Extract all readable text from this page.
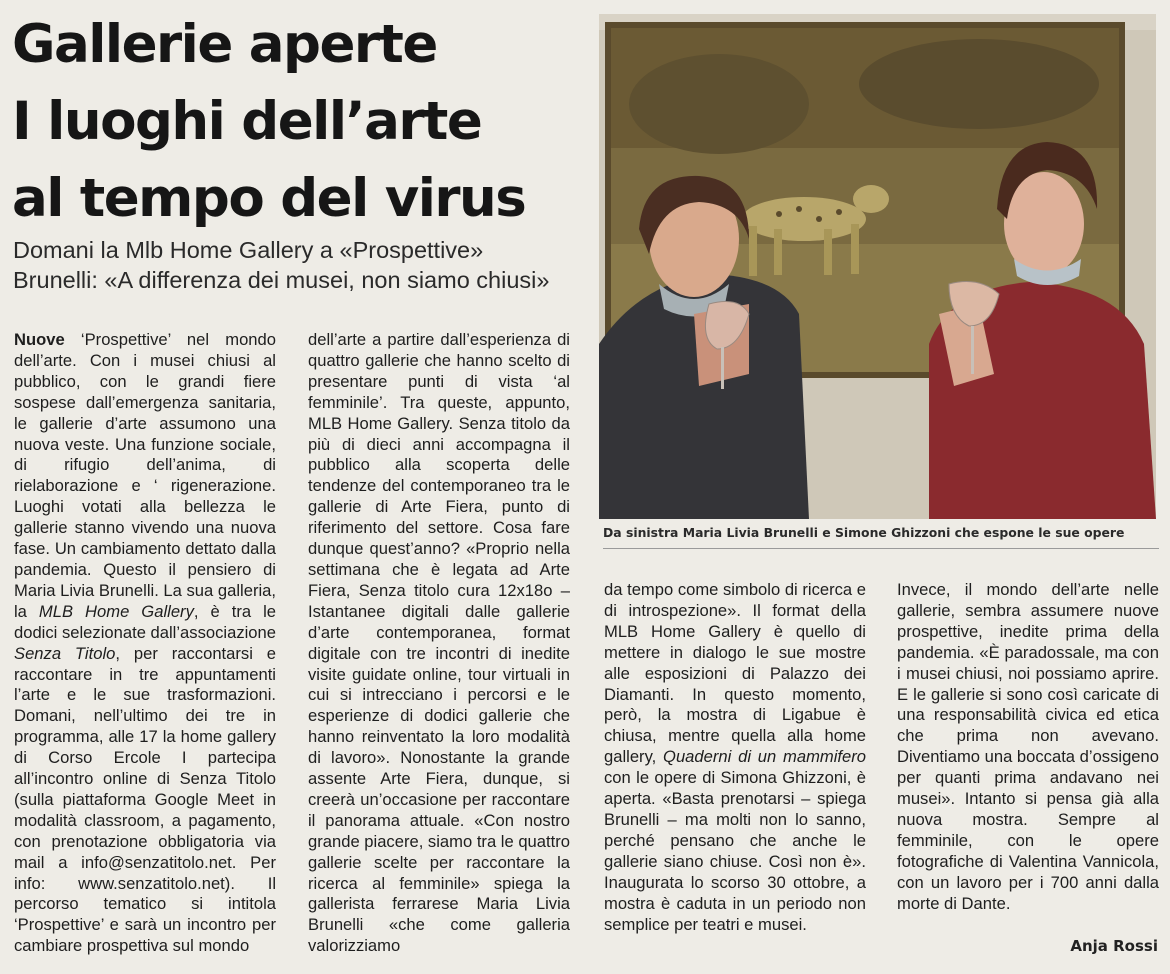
Gallerie aperte
I luoghi dell’arte
al tempo del virus
Domani la Mlb Home Gallery a «Prospettive»
Brunelli: «A differenza dei musei, non siamo chiusi»

Nuove ‘Prospettive’ nel mondo dell’arte. Con i musei chiusi al pubblico, con le grandi fiere sospese dall’emergenza sanitaria, le gallerie d’arte assumono una nuova veste. Una funzione sociale, di rifugio dell’anima, di rielaborazione e ‘ rigenerazione. Luoghi votati alla bellezza le gallerie stanno vivendo una nuova fase. Un cambiamento dettato dalla pandemia. Questo il pensiero di Maria Livia Brunelli. La sua galleria, la MLB Home Gallery, è tra le dodici selezionate dall’associazione Senza Titolo, per raccontarsi e raccontare in tre appuntamenti l’arte e le sue trasformazioni. Domani, nell’ultimo dei tre in programma, alle 17 la home gallery di Corso Ercole I partecipa all’incontro online di Senza Titolo (sulla piattaforma Google Meet in modalità classroom, a pagamento, con prenotazione obbligatoria via mail a info@senzatitolo.net. Per info: www.senzatitolo.net). Il percorso tematico si intitola ‘Prospettive’ e sarà un incontro per cambiare prospettiva sul mondo

dell’arte a partire dall’esperienza di quattro gallerie che hanno scelto di presentare punti di vista ‘al femminile’. Tra queste, appunto, MLB Home Gallery. Senza titolo da più di dieci anni accompagna il pubblico alla scoperta delle tendenze del contemporaneo tra le gallerie di Arte Fiera, punto di riferimento del settore. Cosa fare dunque quest’anno? «Proprio nella settimana che è legata ad Arte Fiera, Senza titolo cura 12x18o – Istantanee digitali dalle gallerie d’arte contemporanea, format digitale con tre incontri di inedite visite guidate online, tour virtuali in cui si intrecciano i percorsi e le esperienze di dodici gallerie che hanno reinventato la loro modalità di lavoro». Nonostante la grande assente Arte Fiera, dunque, si creerà un’occasione per raccontare il panorama attuale. «Con nostro grande piacere, siamo tra le quattro gallerie scelte per raccontare la ricerca al femminile» spiega la gallerista ferrarese Maria Livia Brunelli «che come galleria valorizziamo

Da sinistra Maria Livia Brunelli e Simone Ghizzoni che espone le sue opere

da tempo come simbolo di ricerca e di introspezione». Il format della MLB Home Gallery è quello di mettere in dialogo le sue mostre alle esposizioni di Palazzo dei Diamanti. In questo momento, però, la mostra di Ligabue è chiusa, mentre quella alla home gallery, Quaderni di un mammifero con le opere di Simona Ghizzoni, è aperta. «Basta prenotarsi – spiega Brunelli – ma molti non lo sanno, perché pensano che anche le gallerie siano chiuse. Così non è». Inaugurata lo scorso 30 ottobre, a mostra è caduta in un periodo non semplice per teatri e musei.

Invece, il mondo dell’arte nelle gallerie, sembra assumere nuove prospettive, inedite prima della pandemia. «È paradossale, ma con i musei chiusi, noi possiamo aprire. E le gallerie si sono così caricate di una responsabilità civica ed etica che prima non avevano. Diventiamo una boccata d’ossigeno per quanti prima andavano nei musei». Intanto si pensa già alla nuova mostra. Sempre al femminile, con le opere fotografiche di Valentina Vannicola, con un lavoro per i 700 anni dalla morte di Dante.

Anja Rossi
